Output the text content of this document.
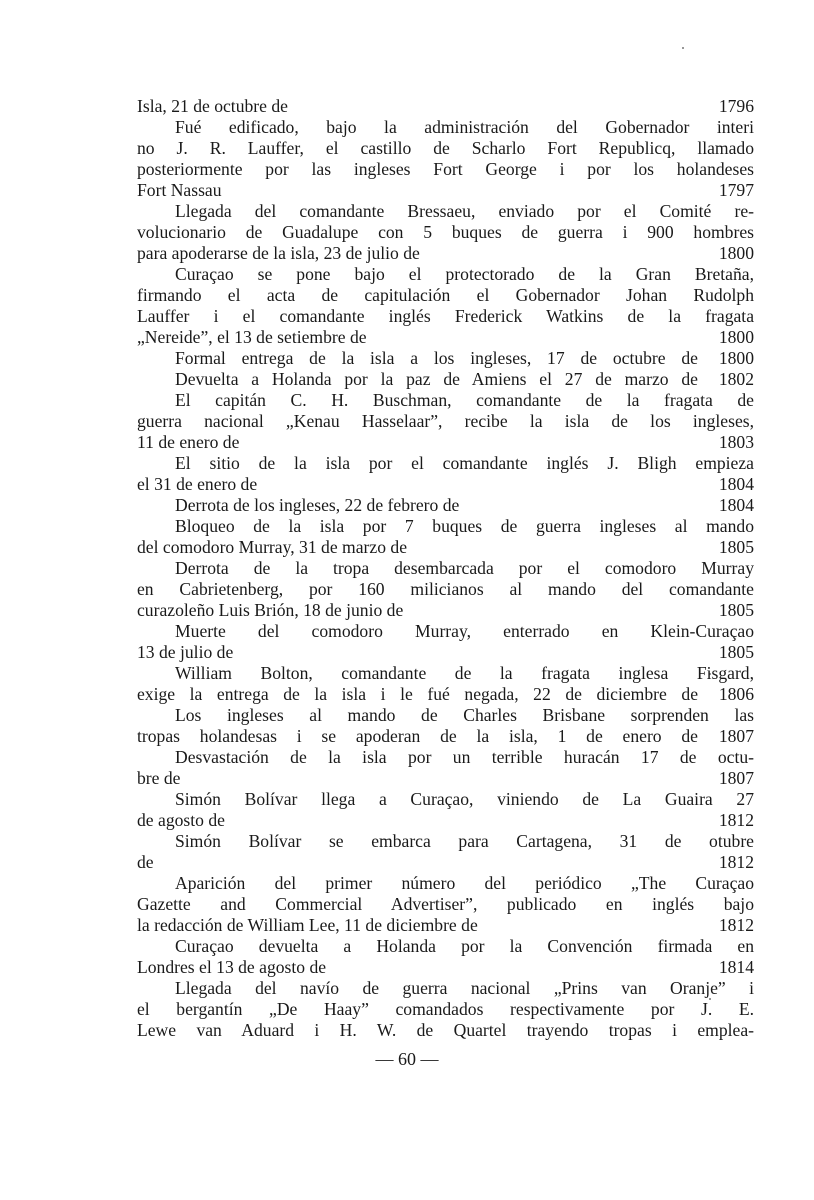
Isla, 21 de octubre de	1796
Fué edificado, bajo la administración del Gobernador interi
no J. R. Lauffer, el castillo de Scharlo Fort Republicq, llamado
posteriormente por las ingleses Fort George i por los holandeses
Fort Nassau	1797
Llegada del comandante Bressaeu, enviado por el Comité re-
volucionario de Guadalupe con 5 buques de guerra i 900 hombres
para apoderarse de la isla, 23 de julio de	1800
Curaçao se pone bajo el protectorado de la Gran Bretaña,
firmando el acta de capitulación el Gobernador Johan Rudolph
Lauffer i el comandante inglés Frederick Watkins de la fragata
„Nereide”, el 13 de setiembre de	1800
Formal entrega de la isla a los ingleses, 17 de octubre de 1800
Devuelta a Holanda por la paz de Amiens el 27 de marzo de 1802
El capitán C. H. Buschman, comandante de la fragata de
guerra nacional „Kenau Hasselaar”, recibe la isla de los ingleses,
11 de enero de	1803
El sitio de la isla por el comandante inglés J. Bligh empieza
el 31 de enero de	1804
Derrota de los ingleses, 22 de febrero de	1804
Bloqueo de la isla por 7 buques de guerra ingleses al mando
del comodoro Murray, 31 de marzo de	1805
Derrota de la tropa desembarcada por el comodoro Murray
en Cabrietenberg, por 160 milicianos al mando del comandante
curazoleño Luis Brión, 18 de junio de	1805
Muerte del comodoro Murray, enterrado en Klein-Curaçao
13 de julio de	1805
William Bolton, comandante de la fragata inglesa Fisgard,
exige la entrega de la isla i le fué negada, 22 de diciembre de 1806
Los ingleses al mando de Charles Brisbane sorprenden las
tropas holandesas i se apoderan de la isla, 1 de enero de 1807
Desvastación de la isla por un terrible huracán 17 de octu-
bre de	1807
Simón Bolívar llega a Curaçao, viniendo de La Guaira 27
de agosto de	1812
Simón Bolívar se embarca para Cartagena, 31 de otubre
de	1812
Aparición del primer número del periódico „The Curaçao
Gazette and Commercial Advertiser”, publicado en inglés bajo
la redacción de William Lee, 11 de diciembre de	1812
Curaçao devuelta a Holanda por la Convención firmada en
Londres el 13 de agosto de	1814
Llegada del navío de guerra nacional „Prins van Oranje” i
el bergantín „De Haay” comandados respectivamente por J. E.
Lewe van Aduard i H. W. de Quartel trayendo tropas i emplea-
— 60 —
